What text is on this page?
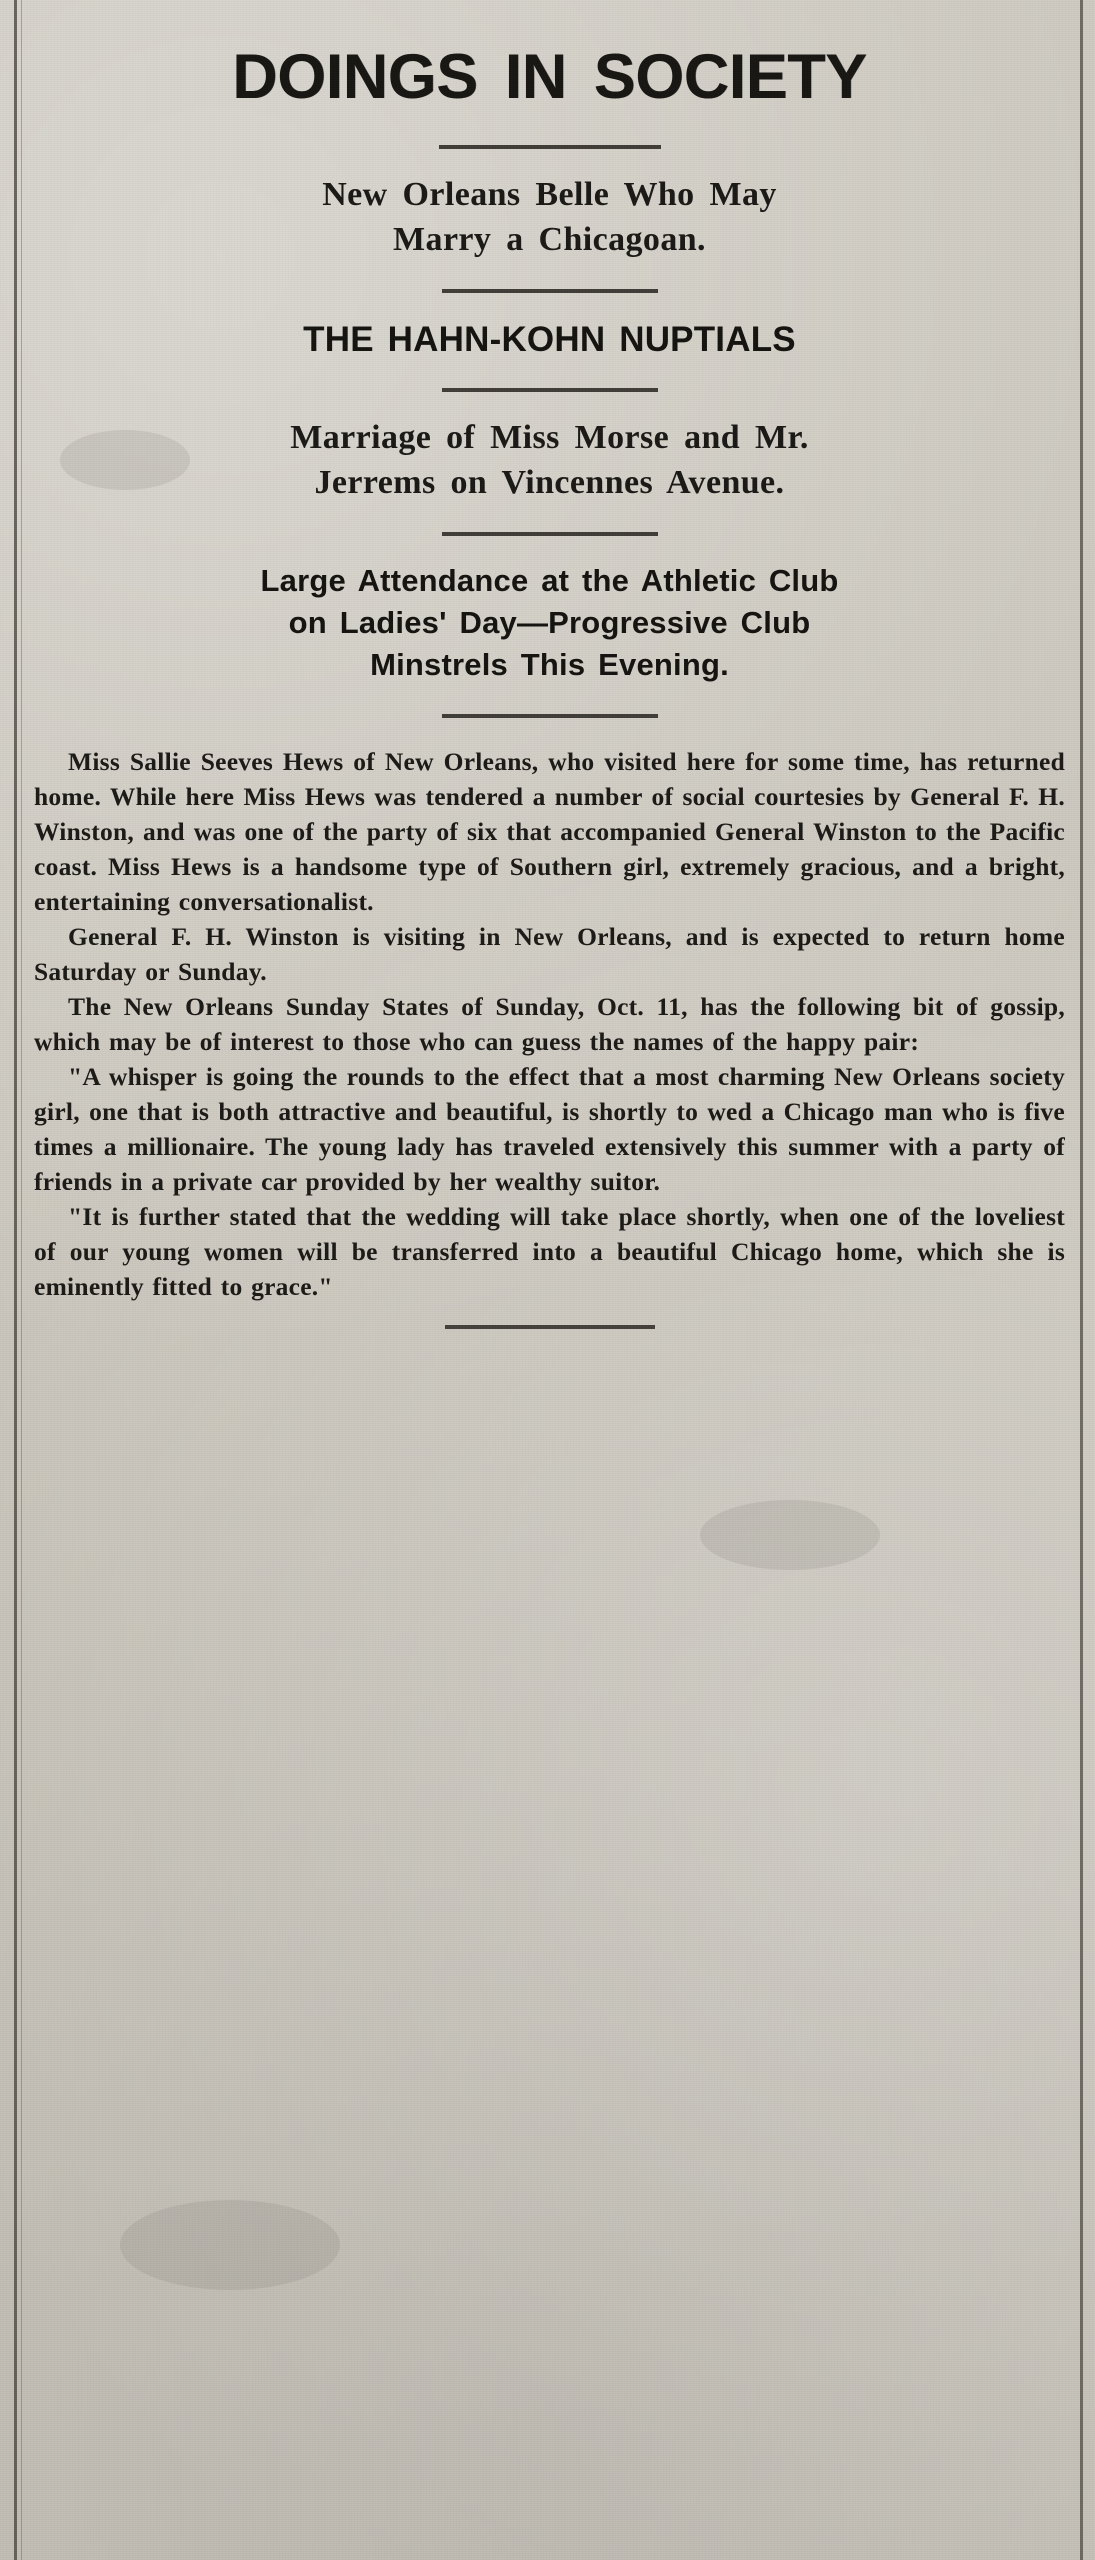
DOINGS IN SOCIETY
New Orleans Belle Who May
Marry a Chicagoan.
THE HAHN-KOHN NUPTIALS
Marriage of Miss Morse and Mr.
Jerrems on Vincennes Avenue.
Large Attendance at the Athletic Club
on Ladies' Day—Progressive Club
Minstrels This Evening.

Miss Sallie Seeves Hews of New Orleans, who visited here for some time, has returned home. While here Miss Hews was tendered a number of social courtesies by General F. H. Winston, and was one of the party of six that accompanied General Winston to the Pacific coast. Miss Hews is a handsome type of Southern girl, extremely gracious, and a bright, entertaining conversationalist.

General F. H. Winston is visiting in New Orleans, and is expected to return home Saturday or Sunday.

The New Orleans Sunday States of Sunday, Oct. 11, has the following bit of gossip, which may be of interest to those who can guess the names of the happy pair:

"A whisper is going the rounds to the effect that a most charming New Orleans society girl, one that is both attractive and beautiful, is shortly to wed a Chicago man who is five times a millionaire. The young lady has traveled extensively this summer with a party of friends in a private car provided by her wealthy suitor.

"It is further stated that the wedding will take place shortly, when one of the loveliest of our young women will be transferred into a beautiful Chicago home, which she is eminently fitted to grace."
